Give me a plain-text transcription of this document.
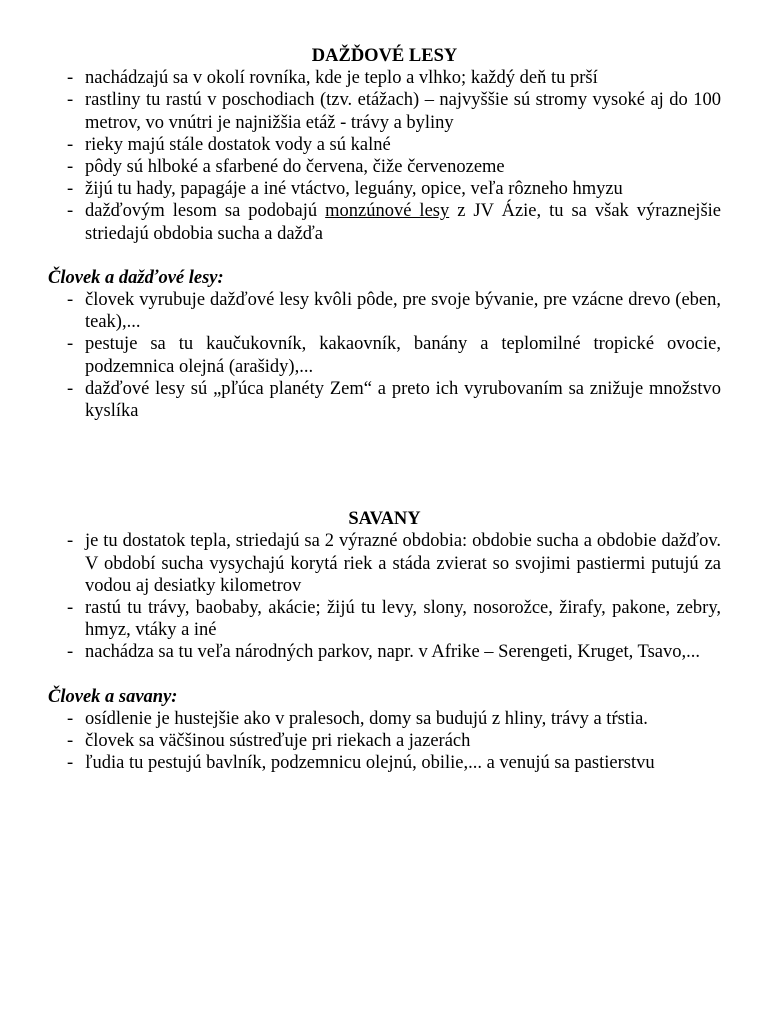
DAŽĎOVÉ LESY
- nachádzajú sa v okolí rovníka, kde je teplo a vlhko; každý deň tu prší
- rastliny tu rastú v poschodiach (tzv. etážach) – najvyššie sú stromy vysoké aj do 100 metrov, vo vnútri je najnižšia etáž - trávy a byliny
- rieky majú stále dostatok vody a sú kalné
- pôdy sú hlboké a sfarbené do červena, čiže červenozeme
- žijú tu hady, papagáje a iné vtáctvo, leguány, opice, veľa rôzneho hmyzu
- dažďovým lesom sa podobajú monzúnové lesy z JV Ázie, tu sa však výraznejšie striedajú obdobia sucha a dažďa
Človek a dažďové lesy:
- človek vyrubuje dažďové lesy kvôli pôde, pre svoje bývanie, pre vzácne drevo (eben, teak),...
- pestuje sa tu kaučukovník, kakaovník, banány a teplomilné tropické ovocie, podzemnica olejná (arašidy),...
- dažďové lesy sú „pľúca planéty Zem“ a preto ich vyrubovaním sa znižuje množstvo kyslíka
SAVANY
- je tu dostatok tepla, striedajú sa 2 výrazné obdobia: obdobie sucha a obdobie dažďov. V období sucha vysychajú korytá riek a stáda zvierat so svojimi pastiermi putujú za vodou aj desiatky kilometrov
- rastú tu trávy, baobaby, akácie; žijú tu levy, slony, nosorožce, žirafy, pakone, zebry, hmyz, vtáky a iné
- nachádza sa tu veľa národných parkov, napr. v Afrike – Serengeti, Kruget, Tsavo,...
Človek a savany:
- osídlenie je hustejšie ako v pralesoch, domy sa budujú z hliny, trávy a tŕstia.
- človek sa väčšinou sústreďuje pri riekach a jazerách
- ľudia tu pestujú bavlník, podzemnicu olejnú, obilie,... a venujú sa pastierstvu
